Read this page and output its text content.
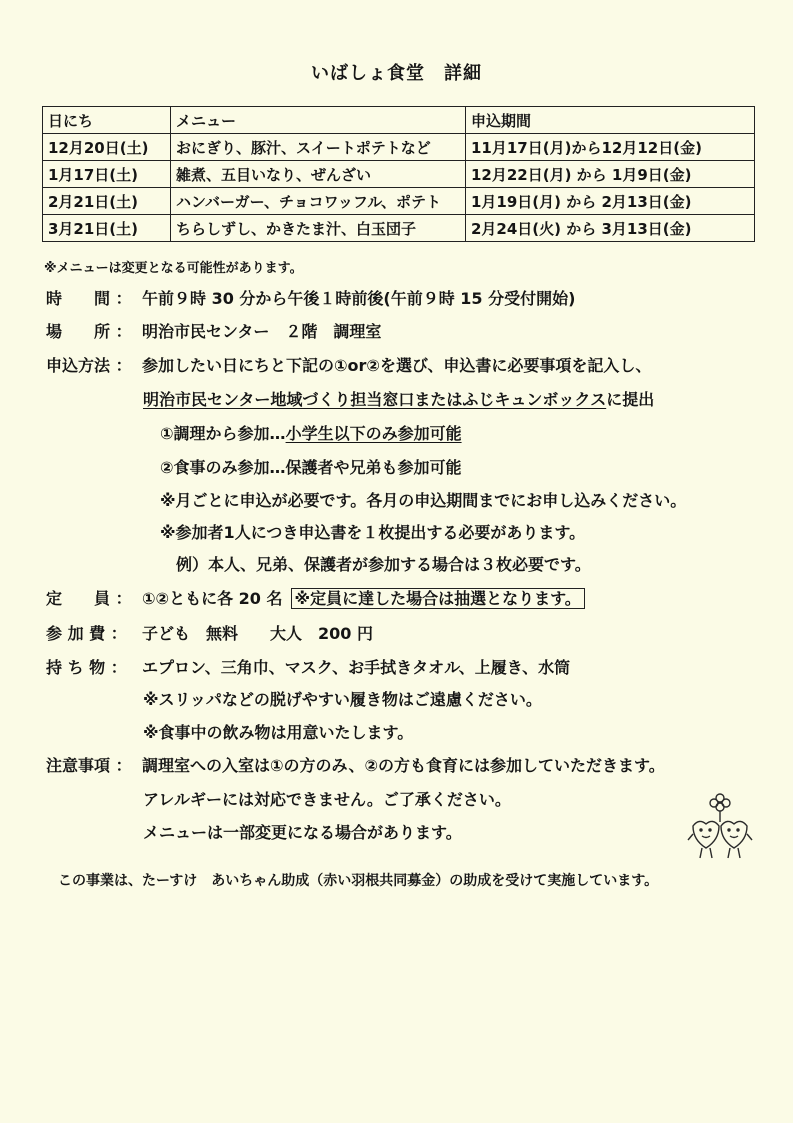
いばしょ食堂　詳細
日にち	メニュー	申込期間
12月20日(土)	おにぎり、豚汁、スイートポテトなど	11月17日(月)から12月12日(金)
1月17日(土)	雑煮、五目いなり、ぜんざい	12月22日(月) から 1月9日(金)
2月21日(土)	ハンバーガー、チョコワッフル、ポテト	1月19日(月) から 2月13日(金)
3月21日(土)	ちらしずし、かきたま汁、白玉団子	2月24日(火) から 3月13日(金)
※メニューは変更となる可能性があります。
時　　間 ： 午前９時 30 分から午後１時前後(午前９時 15 分受付開始)
場　　所 ： 明治市民センター　２階　調理室
申込方法 ： 参加したい日にちと下記の①or②を選び、申込書に必要事項を記入し、
明治市民センター地域づくり担当窓口またはふじキュンボックスに提出
①調理から参加…小学生以下のみ参加可能
②食事のみ参加…保護者や兄弟も参加可能
※月ごとに申込が必要です。各月の申込期間までにお申し込みください。
※参加者1人につき申込書を１枚提出する必要があります。
例）本人、兄弟、保護者が参加する場合は３枚必要です。
定　　員 ： ①②ともに各 20 名 ※定員に達した場合は抽選となります。
参 加 費 ： 子ども　無料　　大人　200 円
持 ち 物 ： エプロン、三角巾、マスク、お手拭きタオル、上履き、水筒
※スリッパなどの脱げやすい履き物はご遠慮ください。
※食事中の飲み物は用意いたします。
注意事項 ： 調理室への入室は①の方のみ、②の方も食育には参加していただきます。
アレルギーには対応できません。ご了承ください。
メニューは一部変更になる場合があります。
この事業は、たーすけ　あいちゃん助成（赤い羽根共同募金）の助成を受けて実施しています。
